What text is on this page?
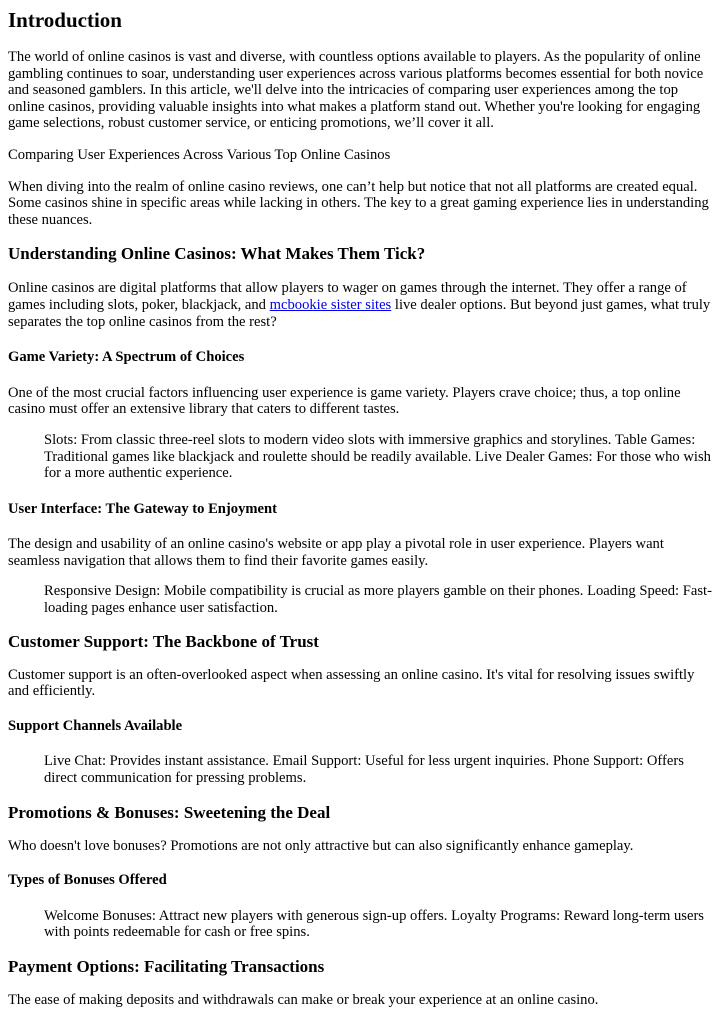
Introduction

The world of online casinos is vast and diverse, with countless options available to players. As the popularity of online gambling continues to soar, understanding user experiences across various platforms becomes essential for both novice and seasoned gamblers. In this article, we'll delve into the intricacies of comparing user experiences among the top online casinos, providing valuable insights into what makes a platform stand out. Whether you're looking for engaging game selections, robust customer service, or enticing promotions, we’ll cover it all.

Comparing User Experiences Across Various Top Online Casinos

When diving into the realm of online casino reviews, one can’t help but notice that not all platforms are created equal. Some casinos shine in specific areas while lacking in others. The key to a great gaming experience lies in understanding these nuances.

Understanding Online Casinos: What Makes Them Tick?

Online casinos are digital platforms that allow players to wager on games through the internet. They offer a range of games including slots, poker, blackjack, and mcbookie sister sites live dealer options. But beyond just games, what truly separates the top online casinos from the rest?

Game Variety: A Spectrum of Choices

One of the most crucial factors influencing user experience is game variety. Players crave choice; thus, a top online casino must offer an extensive library that caters to different tastes.

Slots: From classic three-reel slots to modern video slots with immersive graphics and storylines. Table Games: Traditional games like blackjack and roulette should be readily available. Live Dealer Games: For those who wish for a more authentic experience.
User Interface: The Gateway to Enjoyment

The design and usability of an online casino's website or app play a pivotal role in user experience. Players want seamless navigation that allows them to find their favorite games easily.

Responsive Design: Mobile compatibility is crucial as more players gamble on their phones. Loading Speed: Fast-loading pages enhance user satisfaction.
Customer Support: The Backbone of Trust

Customer support is an often-overlooked aspect when assessing an online casino. It's vital for resolving issues swiftly and efficiently.

Support Channels Available
Live Chat: Provides instant assistance. Email Support: Useful for less urgent inquiries. Phone Support: Offers direct communication for pressing problems.
Promotions & Bonuses: Sweetening the Deal

Who doesn't love bonuses? Promotions are not only attractive but can also significantly enhance gameplay.

Types of Bonuses Offered
Welcome Bonuses: Attract new players with generous sign-up offers. Loyalty Programs: Reward long-term users with points redeemable for cash or free spins.
Payment Options: Facilitating Transactions

The ease of making deposits and withdrawals can make or break your experience at an online casino.
